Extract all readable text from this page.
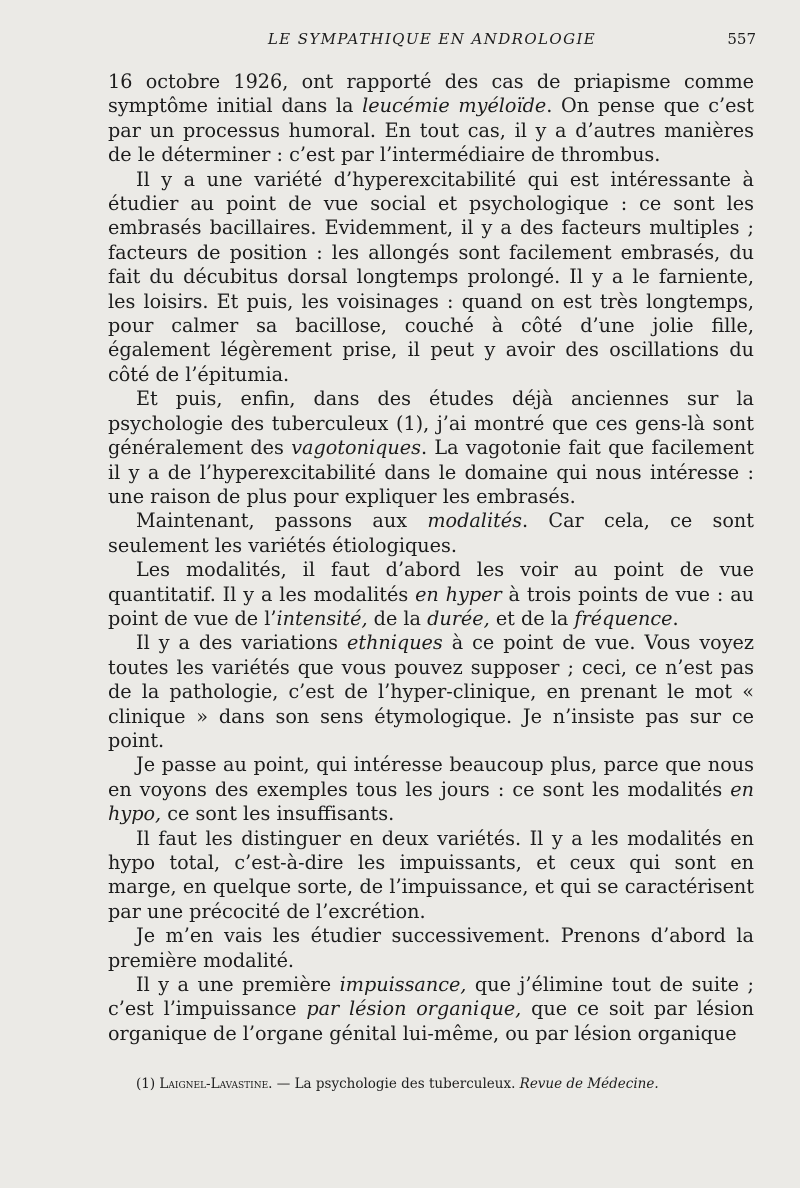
LE SYMPATHIQUE EN ANDROLOGIE	557

16 octobre 1926, ont rapporté des cas de priapisme comme symptôme initial dans la leucémie myéloïde. On pense que c’est par un processus humoral. En tout cas, il y a d’autres manières de le déterminer : c’est par l’intermédiaire de thrombus.

Il y a une variété d’hyperexcitabilité qui est intéressante à étudier au point de vue social et psychologique : ce sont les embrasés bacillaires. Evidemment, il y a des facteurs multiples ; facteurs de position : les allongés sont facilement embrasés, du fait du décubitus dorsal longtemps prolongé. Il y a le farniente, les loisirs. Et puis, les voisinages : quand on est très longtemps, pour calmer sa bacillose, couché à côté d’une jolie fille, également légèrement prise, il peut y avoir des oscillations du côté de l’épitumia.

Et puis, enfin, dans des études déjà anciennes sur la psychologie des tuberculeux (1), j’ai montré que ces gens-là sont généralement des vagotoniques. La vagotonie fait que facilement il y a de l’hyperexcitabilité dans le domaine qui nous intéresse : une raison de plus pour expliquer les embrasés.

Maintenant, passons aux modalités. Car cela, ce sont seulement les variétés étiologiques.

Les modalités, il faut d’abord les voir au point de vue quantitatif. Il y a les modalités en hyper à trois points de vue : au point de vue de l’intensité, de la durée, et de la fréquence.

Il y a des variations ethniques à ce point de vue. Vous voyez toutes les variétés que vous pouvez supposer ; ceci, ce n’est pas de la pathologie, c’est de l’hyper-clinique, en prenant le mot « clinique » dans son sens étymologique. Je n’insiste pas sur ce point.

Je passe au point, qui intéresse beaucoup plus, parce que nous en voyons des exemples tous les jours : ce sont les modalités en hypo, ce sont les insuffisants.

Il faut les distinguer en deux variétés. Il y a les modalités en hypo total, c’est-à-dire les impuissants, et ceux qui sont en marge, en quelque sorte, de l’impuissance, et qui se caractérisent par une précocité de l’excrétion.

Je m’en vais les étudier successivement. Prenons d’abord la première modalité.

Il y a une première impuissance, que j’élimine tout de suite ; c’est l’impuissance par lésion organique, que ce soit par lésion organique de l’organe génital lui-même, ou par lésion organique

(1) Laignel-Lavastine. — La psychologie des tuberculeux. Revue de Médecine.
